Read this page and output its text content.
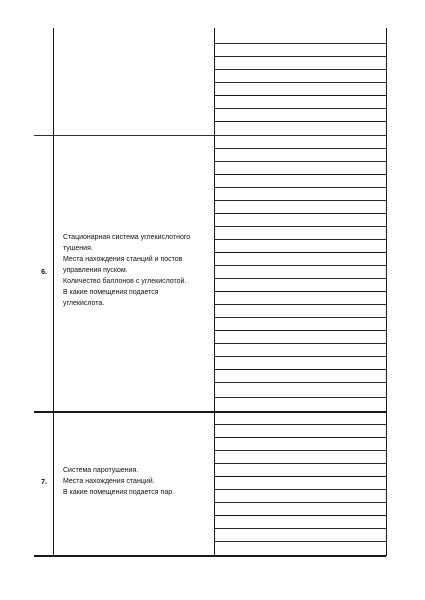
6.
Стационарная система углекислотного
тушения.
Места нахождения станций и постов
управления пуском.
Количество баллонов с углекислотой.
В какие помещения подается
углекислота.
7.
Система паротушения.
Места нахождения станций.
В какие помещения подается пар.
